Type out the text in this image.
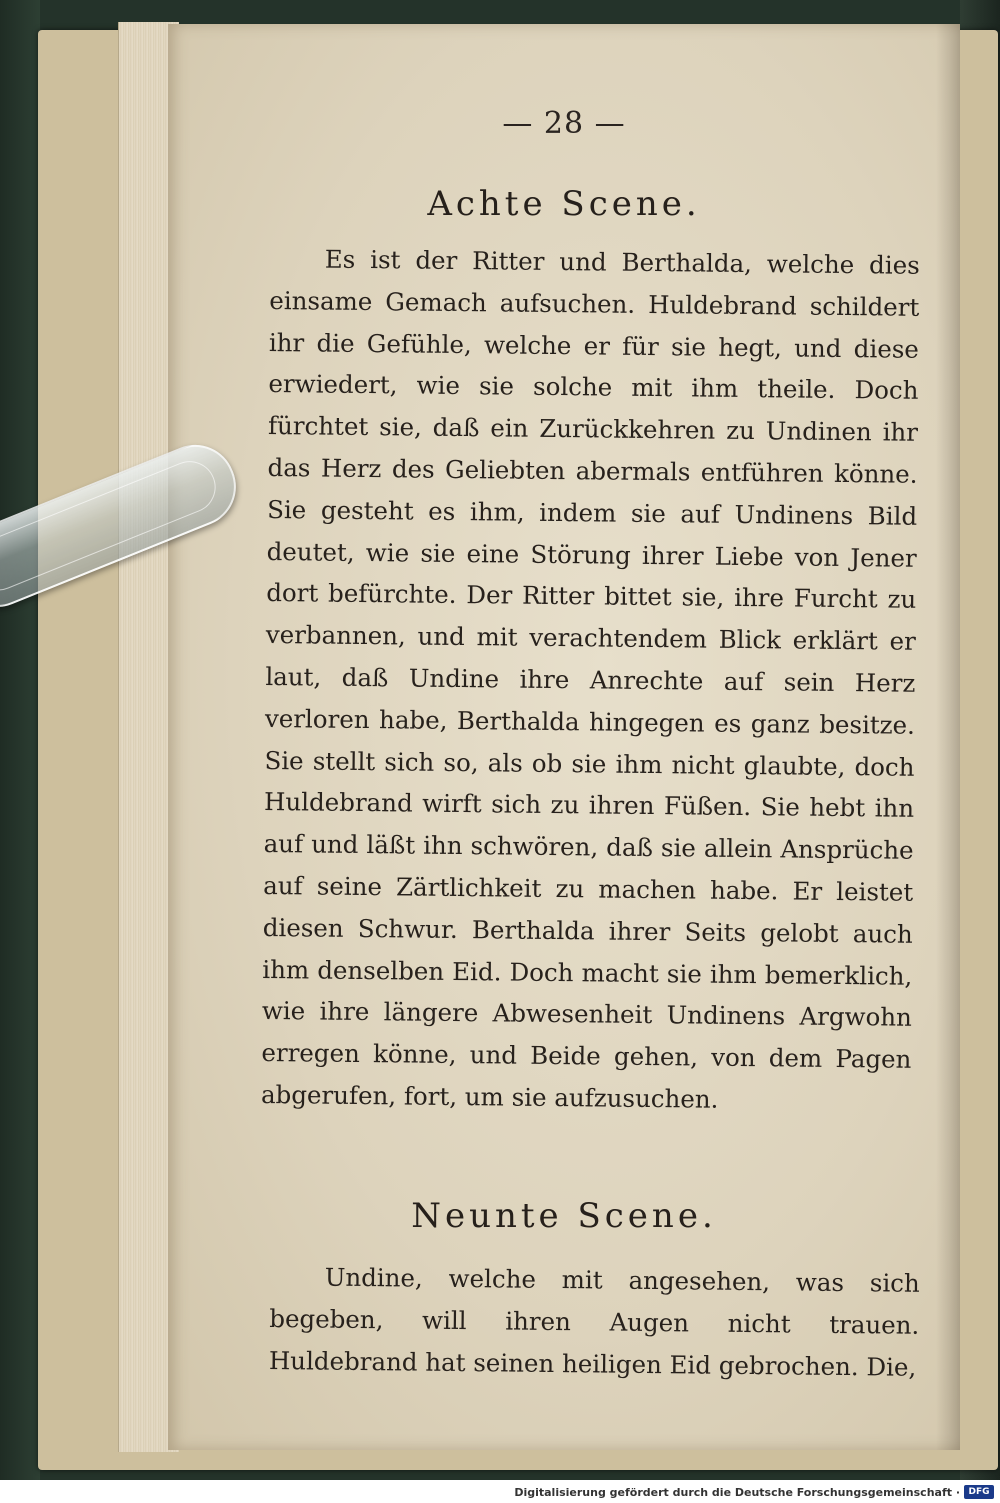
— 28 —
Achte Scene.

Es ist der Ritter und Berthalda, welche dies einsame Gemach aufsuchen. Huldebrand schildert ihr die Gefühle, welche er für sie hegt, und diese erwiedert, wie sie solche mit ihm theile. Doch fürchtet sie, daß ein Zurückkehren zu Undinen ihr das Herz des Geliebten abermals entführen könne. Sie gesteht es ihm, indem sie auf Undinens Bild deutet, wie sie eine Störung ihrer Liebe von Jener dort befürchte. Der Ritter bittet sie, ihre Furcht zu verbannen, und mit verachtendem Blick erklärt er laut, daß Undine ihre Anrechte auf sein Herz verloren habe, Berthalda hingegen es ganz besitze. Sie stellt sich so, als ob sie ihm nicht glaubte, doch Huldebrand wirft sich zu ihren Füßen. Sie hebt ihn auf und läßt ihn schwören, daß sie allein Ansprüche auf seine Zärtlichkeit zu machen habe. Er leistet diesen Schwur. Berthalda ihrer Seits gelobt auch ihm denselben Eid. Doch macht sie ihm bemerklich, wie ihre längere Abwesenheit Undinens Argwohn erregen könne, und Beide gehen, von dem Pagen abgerufen, fort, um sie aufzusuchen.

Neunte Scene.

Undine, welche mit angesehen, was sich begeben, will ihren Augen nicht trauen. Huldebrand hat seinen heiligen Eid gebrochen. Die,

Digitalisierung gefördert durch die Deutsche Forschungsgemeinschaft · DFG
